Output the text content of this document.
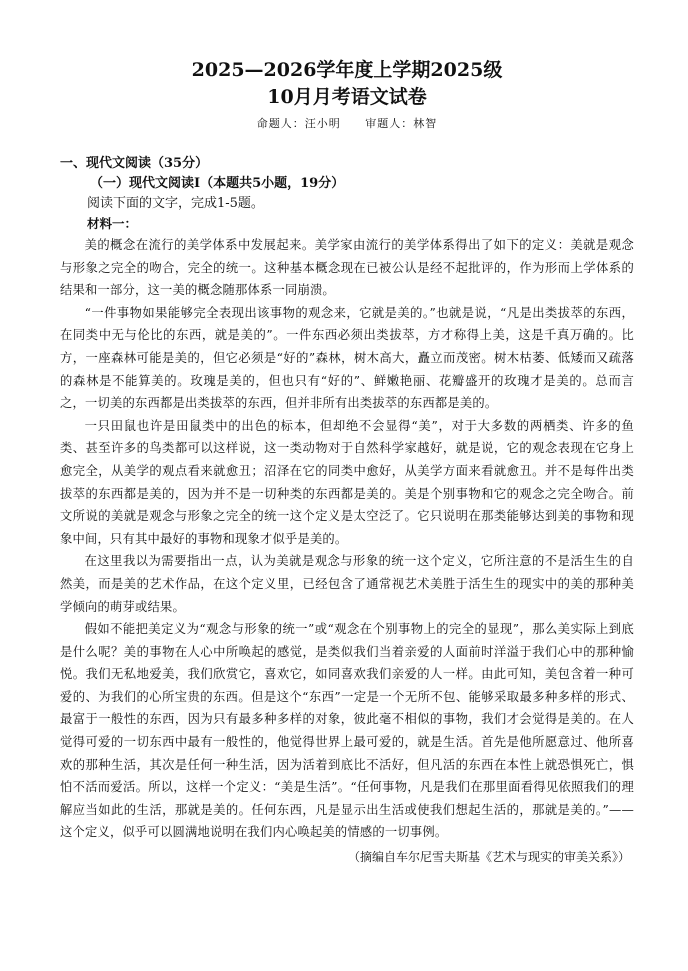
2025—2026学年度上学期2025级
10月月考语文试卷
命题人：汪小明 审题人：林智
一、现代文阅读（35分）
（一）现代文阅读Ⅰ（本题共5小题，19分）
阅读下面的文字，完成1-5题。
材料一：

美的概念在流行的美学体系中发展起来。美学家由流行的美学体系得出了如下的定义：美就是观念与形象之完全的吻合，完全的统一。这种基本概念现在已被公认是经不起批评的，作为形而上学体系的结果和一部分，这一美的概念随那体系一同崩溃。

“一件事物如果能够完全表现出该事物的观念来，它就是美的。”也就是说，“凡是出类拔萃的东西，在同类中无与伦比的东西，就是美的”。一件东西必须出类拔萃，方才称得上美，这是千真万确的。比方，一座森林可能是美的，但它必须是“好的”森林，树木高大，矗立而茂密。树木枯萎、低矮而又疏落的森林是不能算美的。玫瑰是美的，但也只有“好的”、鲜嫩艳丽、花瓣盛开的玫瑰才是美的。总而言之，一切美的东西都是出类拔萃的东西，但并非所有出类拔萃的东西都是美的。

一只田鼠也许是田鼠类中的出色的标本，但却绝不会显得“美”，对于大多数的两栖类、许多的鱼类、甚至许多的鸟类都可以这样说，这一类动物对于自然科学家越好，就是说，它的观念表现在它身上愈完全，从美学的观点看来就愈丑；沼泽在它的同类中愈好，从美学方面来看就愈丑。并不是每件出类拔萃的东西都是美的，因为并不是一切种类的东西都是美的。美是个别事物和它的观念之完全吻合。前文所说的美就是观念与形象之完全的统一这个定义是太空泛了。它只说明在那类能够达到美的事物和现象中间，只有其中最好的事物和现象才似乎是美的。

在这里我以为需要指出一点，认为美就是观念与形象的统一这个定义，它所注意的不是活生生的自然美，而是美的艺术作品，在这个定义里，已经包含了通常视艺术美胜于活生生的现实中的美的那种美学倾向的萌芽或结果。

假如不能把美定义为“观念与形象的统一”或“观念在个别事物上的完全的显现”，那么美实际上到底是什么呢？美的事物在人心中所唤起的感觉，是类似我们当着亲爱的人面前时洋溢于我们心中的那种愉悦。我们无私地爱美，我们欣赏它，喜欢它，如同喜欢我们亲爱的人一样。由此可知，美包含着一种可爱的、为我们的心所宝贵的东西。但是这个“东西”一定是一个无所不包、能够采取最多种多样的形式、最富于一般性的东西，因为只有最多种多样的对象，彼此毫不相似的事物，我们才会觉得是美的。在人觉得可爱的一切东西中最有一般性的，他觉得世界上最可爱的，就是生活。首先是他所愿意过、他所喜欢的那种生活，其次是任何一种生活，因为活着到底比不活好，但凡活的东西在本性上就恐惧死亡，惧怕不活而爱活。所以，这样一个定义：“美是生活”。“任何事物，凡是我们在那里面看得见依照我们的理解应当如此的生活，那就是美的。任何东西，凡是显示出生活或使我们想起生活的，那就是美的。”——这个定义，似乎可以圆满地说明在我们内心唤起美的情感的一切事例。

（摘编自车尔尼雪夫斯基《艺术与现实的审美关系》）
